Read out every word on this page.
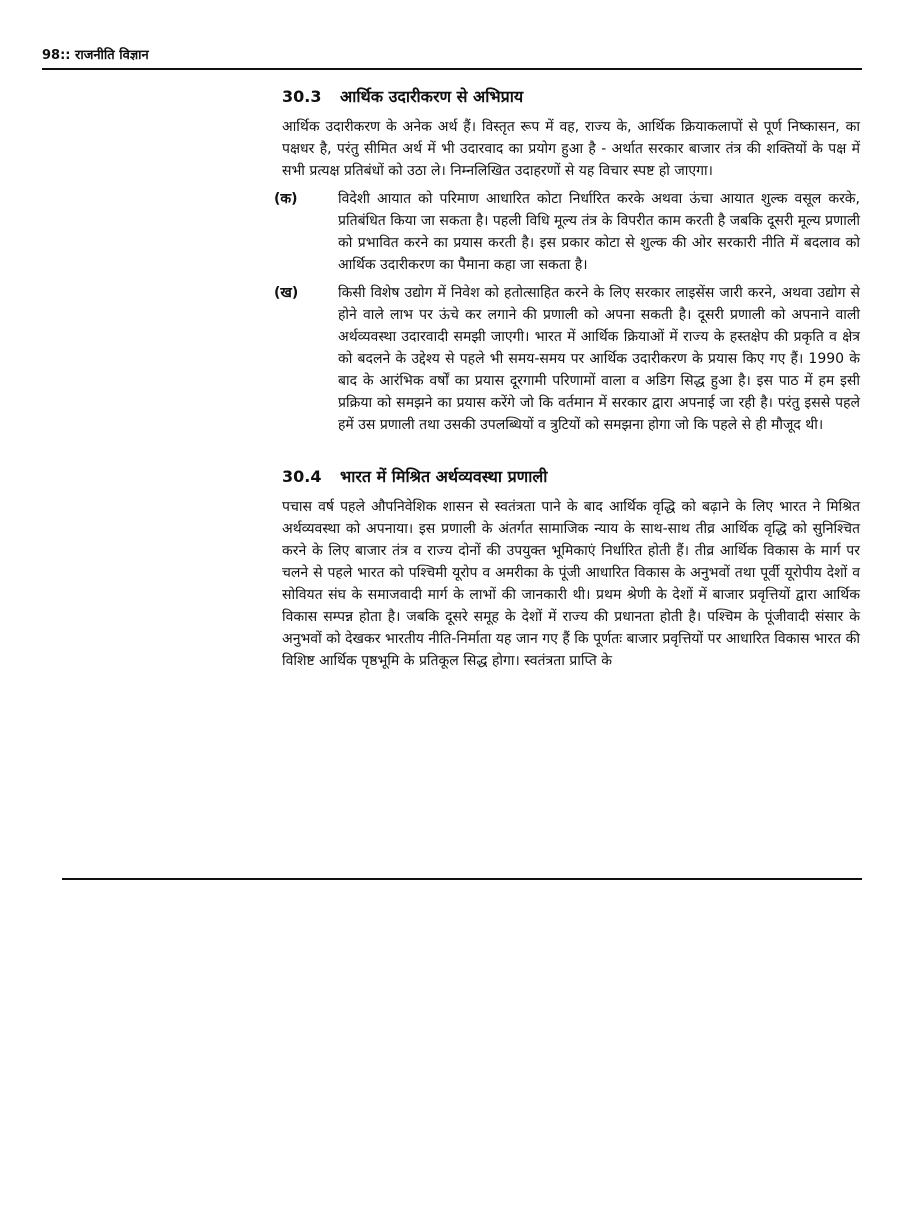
98:: राजनीति विज्ञान
30.3 आर्थिक उदारीकरण से अभिप्राय

आर्थिक उदारीकरण के अनेक अर्थ हैं। विस्तृत रूप में वह, राज्य के, आर्थिक क्रियाकलापों से पूर्ण निष्कासन, का पक्षधर है, परंतु सीमित अर्थ में भी उदारवाद का प्रयोग हुआ है - अर्थात सरकार बाजार तंत्र की शक्तियों के पक्ष में सभी प्रत्यक्ष प्रतिबंधों को उठा ले। निम्नलिखित उदाहरणों से यह विचार स्पष्ट हो जाएगा।

(क)	विदेशी आयात को परिमाण आधारित कोटा निर्धारित करके अथवा ऊंचा आयात शुल्क वसूल करके, प्रतिबंधित किया जा सकता है। पहली विधि मूल्य तंत्र के विपरीत काम करती है जबकि दूसरी मूल्य प्रणाली को प्रभावित करने का प्रयास करती है। इस प्रकार कोटा से शुल्क की ओर सरकारी नीति में बदलाव को आर्थिक उदारीकरण का पैमाना कहा जा सकता है।
(ख)	किसी विशेष उद्योग में निवेश को हतोत्साहित करने के लिए सरकार लाइसेंस जारी करने, अथवा उद्योग से होने वाले लाभ पर ऊंचे कर लगाने की प्रणाली को अपना सकती है। दूसरी प्रणाली को अपनाने वाली अर्थव्यवस्था उदारवादी समझी जाएगी। भारत में आर्थिक क्रियाओं में राज्य के हस्तक्षेप की प्रकृति व क्षेत्र को बदलने के उद्देश्य से पहले भी समय-समय पर आर्थिक उदारीकरण के प्रयास किए गए हैं। 1990 के बाद के आरंभिक वर्षों का प्रयास दूरगामी परिणामों वाला व अडिग सिद्ध हुआ है। इस पाठ में हम इसी प्रक्रिया को समझने का प्रयास करेंगे जो कि वर्तमान में सरकार द्वारा अपनाई जा रही है। परंतु इससे पहले हमें उस प्रणाली तथा उसकी उपलब्धियों व त्रुटियों को समझना होगा जो कि पहले से ही मौजूद थी।
30.4 भारत में मिश्रित अर्थव्यवस्था प्रणाली

पचास वर्ष पहले औपनिवेशिक शासन से स्वतंत्रता पाने के बाद आर्थिक वृद्धि को बढ़ाने के लिए भारत ने मिश्रित अर्थव्यवस्था को अपनाया। इस प्रणाली के अंतर्गत सामाजिक न्याय के साथ-साथ तीव्र आर्थिक वृद्धि को सुनिश्चित करने के लिए बाजार तंत्र व राज्य दोनों की उपयुक्त भूमिकाएं निर्धारित होती हैं। तीव्र आर्थिक विकास के मार्ग पर चलने से पहले भारत को पश्चिमी यूरोप व अमरीका के पूंजी आधारित विकास के अनुभवों तथा पूर्वी यूरोपीय देशों व सोवियत संघ के समाजवादी मार्ग के लाभों की जानकारी थी। प्रथम श्रेणी के देशों में बाजार प्रवृत्तियों द्वारा आर्थिक विकास सम्पन्न होता है। जबकि दूसरे समूह के देशों में राज्य की प्रधानता होती है। पश्चिम के पूंजीवादी संसार के अनुभवों को देखकर भारतीय नीति-निर्माता यह जान गए हैं कि पूर्णतः बाजार प्रवृत्तियों पर आधारित विकास भारत की विशिष्ट आर्थिक पृष्ठभूमि के प्रतिकूल सिद्ध होगा। स्वतंत्रता प्राप्ति के
